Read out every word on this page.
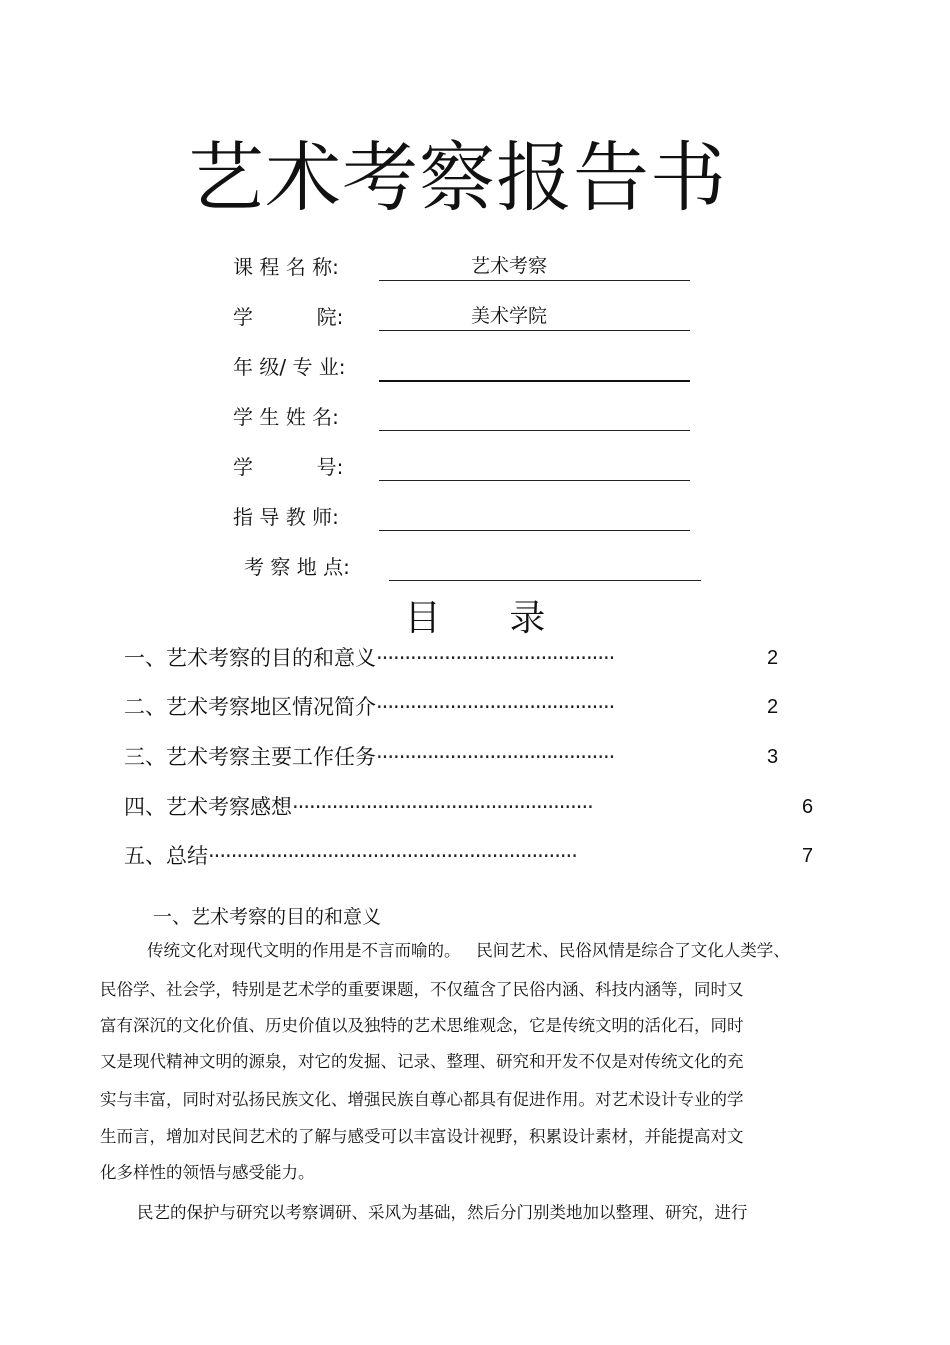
艺术考察报告书
课 程 名 称:	艺术考察
学          院:	美术学院
年 级/ 专 业:
学 生 姓 名:
学          号:
指 导 教 师:
考 察 地 点:
目      录
一、艺术考察的目的和意义··········································	2
二、艺术考察地区情况简介··········································	2
三、艺术考察主要工作任务··········································	3
四、艺术考察感想·····················································	6
五、总结·································································	7
一、艺术考察的目的和意义
传统文化对现代文明的作用是不言而喻的。   民间艺术、民俗风情是综合了文化人类学、
民俗学、社会学，特别是艺术学的重要课题，不仅蕴含了民俗内涵、科技内涵等，同时又
富有深沉的文化价值、历史价值以及独特的艺术思维观念，它是传统文明的活化石，同时
又是现代精神文明的源泉，对它的发掘、记录、整理、研究和开发不仅是对传统文化的充
实与丰富，同时对弘扬民族文化、增强民族自尊心都具有促进作用。对艺术设计专业的学
生而言，增加对民间艺术的了解与感受可以丰富设计视野，积累设计素材，并能提高对文
化多样性的领悟与感受能力。
民艺的保护与研究以考察调研、采风为基础，然后分门别类地加以整理、研究，进行
